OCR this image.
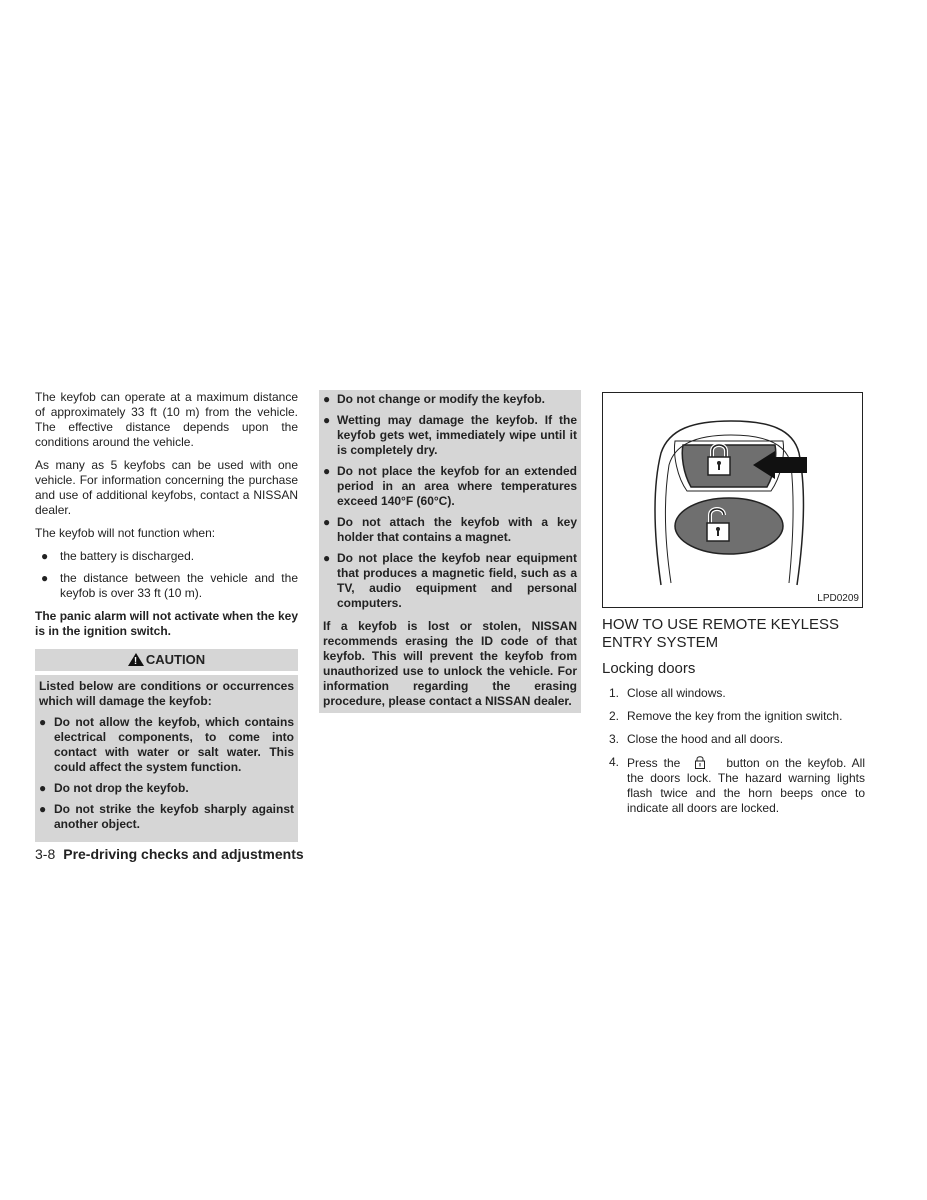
The keyfob can operate at a maximum distance of approximately 33 ft (10 m) from the vehicle. The effective distance depends upon the conditions around the vehicle.

As many as 5 keyfobs can be used with one vehicle. For information concerning the purchase and use of additional keyfobs, contact a NISSAN dealer.

The keyfob will not function when:

● the battery is discharged.
● the distance between the vehicle and the keyfob is over 33 ft (10 m).

The panic alarm will not activate when the key is in the ignition switch.

!CAUTION

Listed below are conditions or occurrences which will damage the keyfob:

● Do not allow the keyfob, which contains electrical components, to come into contact with water or salt water. This could affect the system function.
● Do not drop the keyfob.
● Do not strike the keyfob sharply against another object.
● Do not change or modify the keyfob.
● Wetting may damage the keyfob. If the keyfob gets wet, immediately wipe until it is completely dry.
● Do not place the keyfob for an extended period in an area where temperatures exceed 140°F (60°C).
● Do not attach the keyfob with a key holder that contains a magnet.
● Do not place the keyfob near equipment that produces a magnetic field, such as a TV, audio equipment and personal computers.

If a keyfob is lost or stolen, NISSAN recommends erasing the ID code of that keyfob. This will prevent the keyfob from unauthorized use to unlock the vehicle. For information regarding the erasing procedure, please contact a NISSAN dealer.

LPD0209
HOW TO USE REMOTE KEYLESS ENTRY SYSTEM
Locking doors
1. Close all windows.
2. Remove the key from the ignition switch.
3. Close the hood and all doors.
4. Press the	button on the keyfob. All the doors lock. The hazard warning lights flash twice and the horn beeps once to indicate all doors are locked.
3-8 Pre-driving checks and adjustments
